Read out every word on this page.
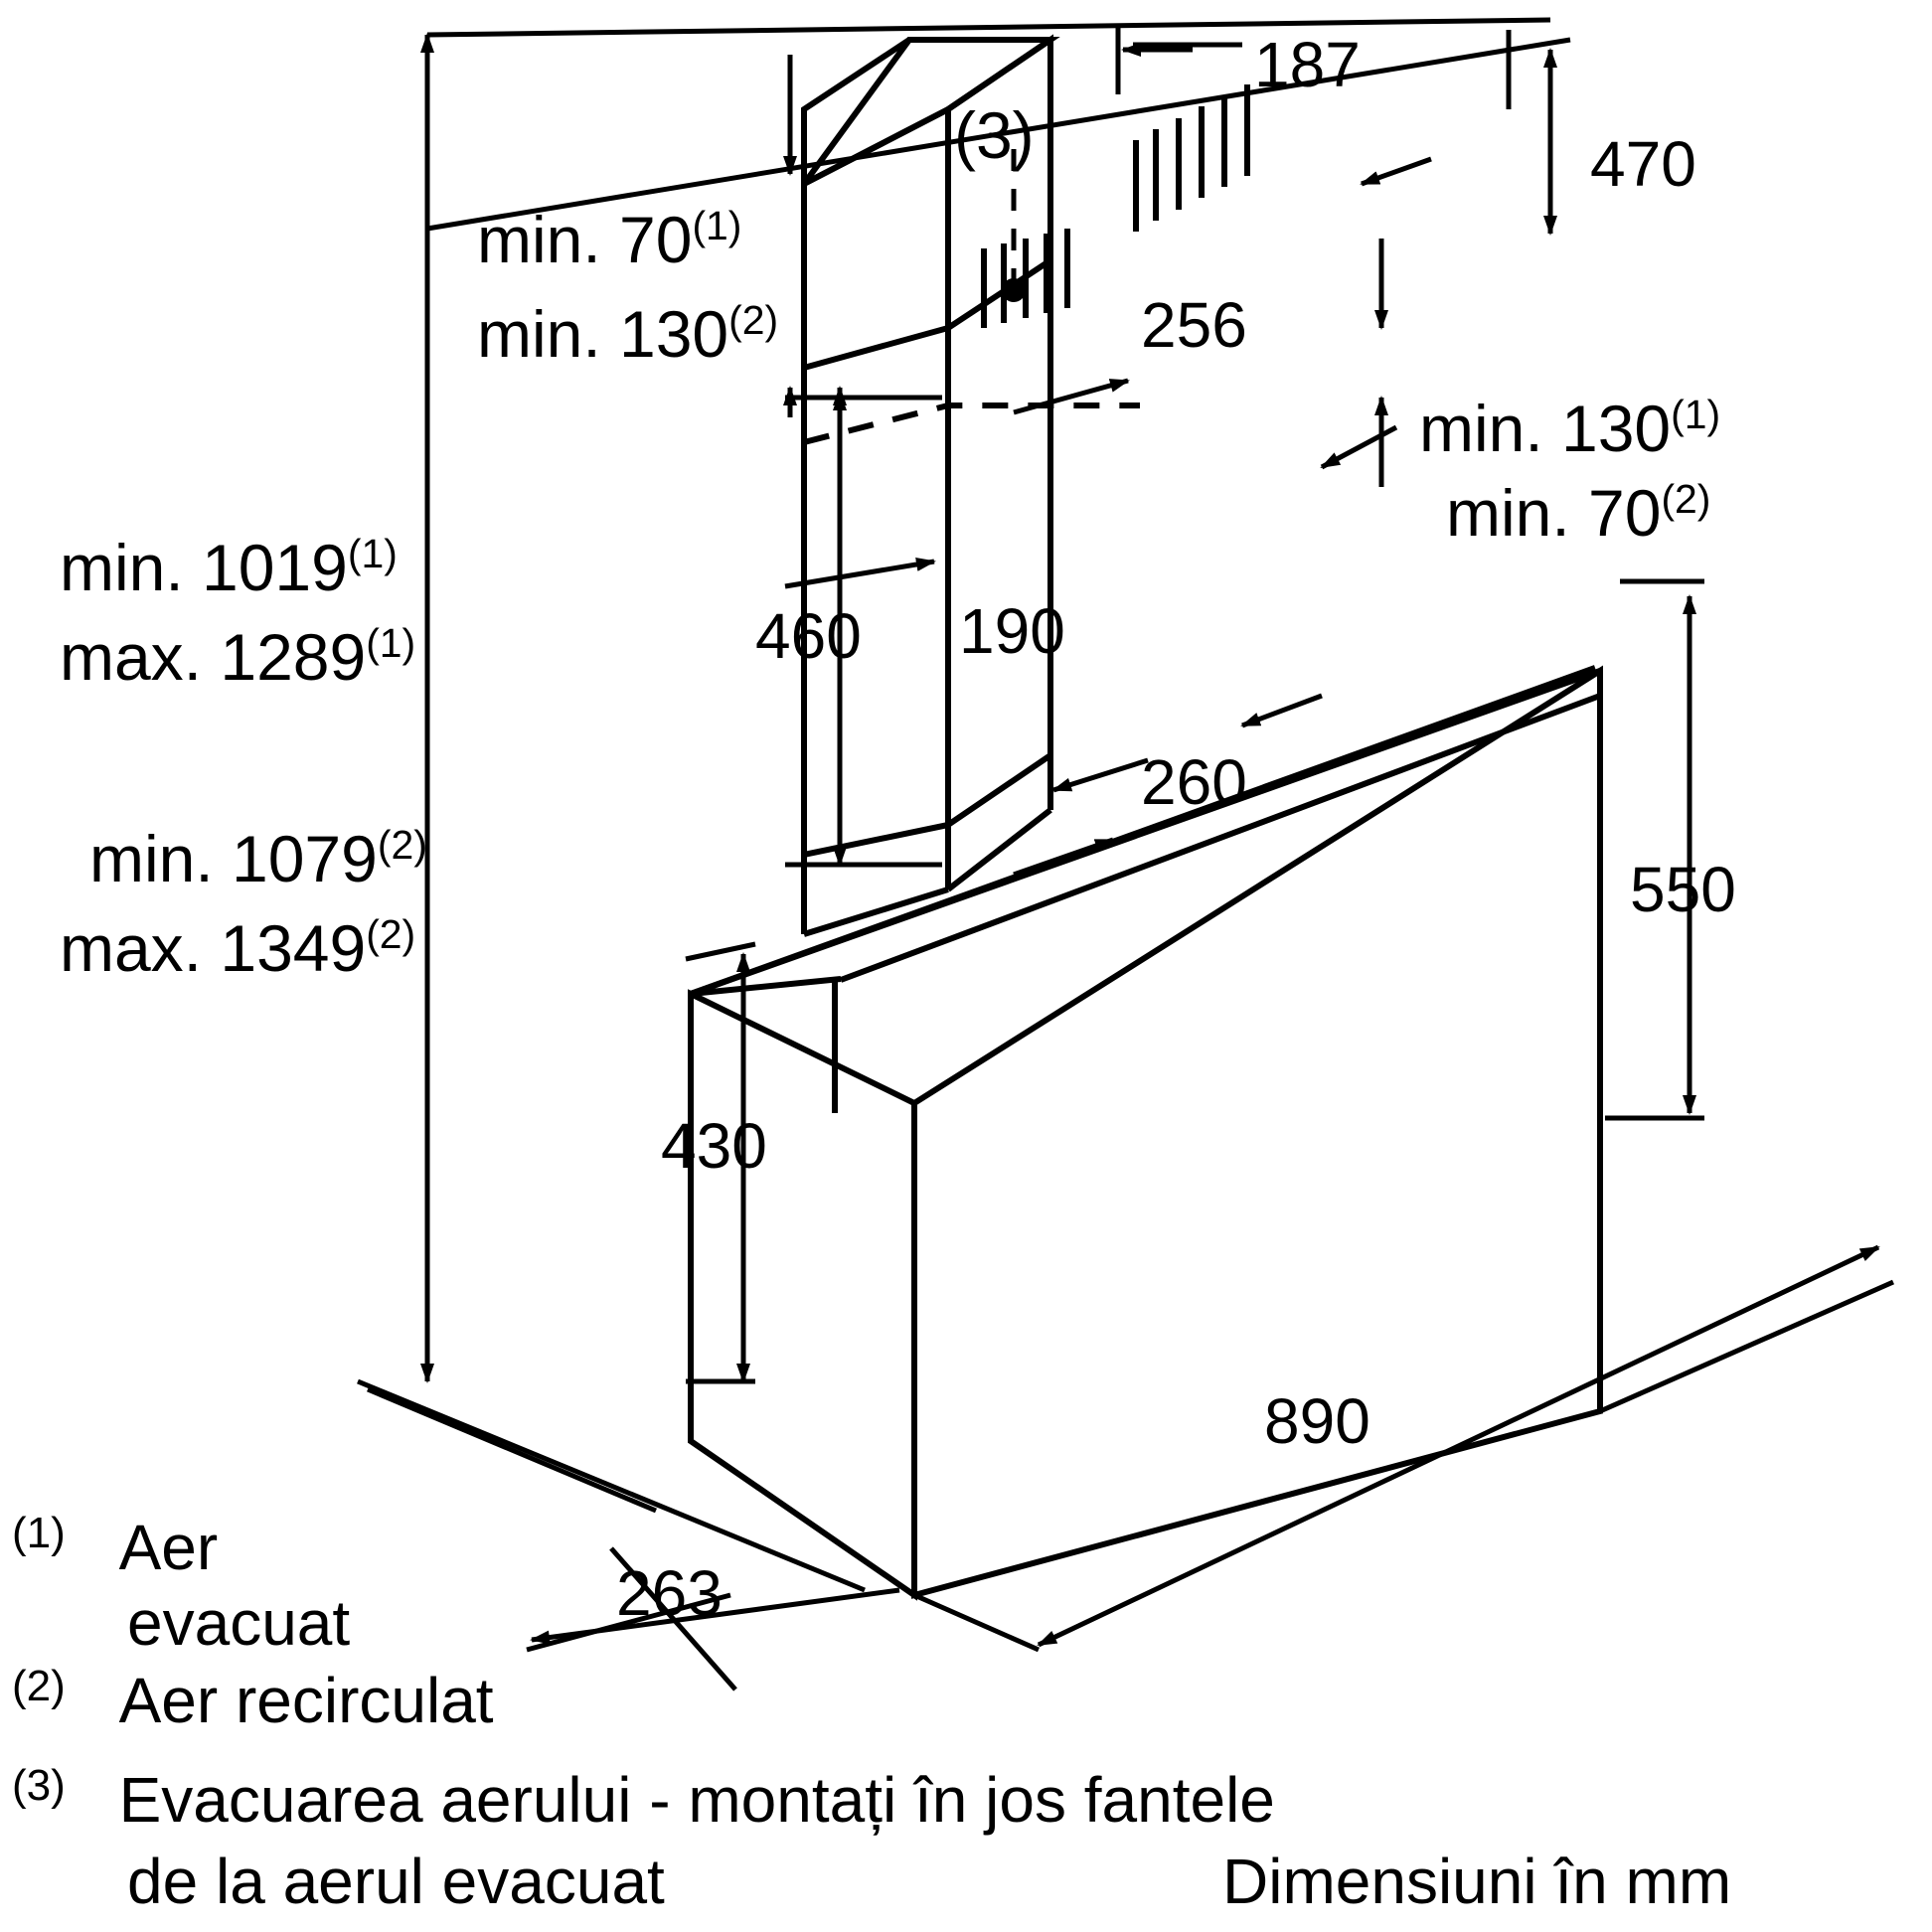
min. 70$^{(1)}$
min. 130$^{(2)}$
(3)
187
470
256
min. 130$^{(1)}$
min. 70$^{(2)}$
min. 1019$^{(1)}$
max. 1289$^{(1)}$
min. 1079$^{(2)}$
max. 1349$^{(2)}$
460 190
260
550
430
890
263
$^{(1)}$ Aer
evacuat
$^{(2)}$ Aer recirculat
$^{(3)}$ Evacuarea aerului - montați în jos fantele
de la aerul evacuat	Dimensiuni în mm
